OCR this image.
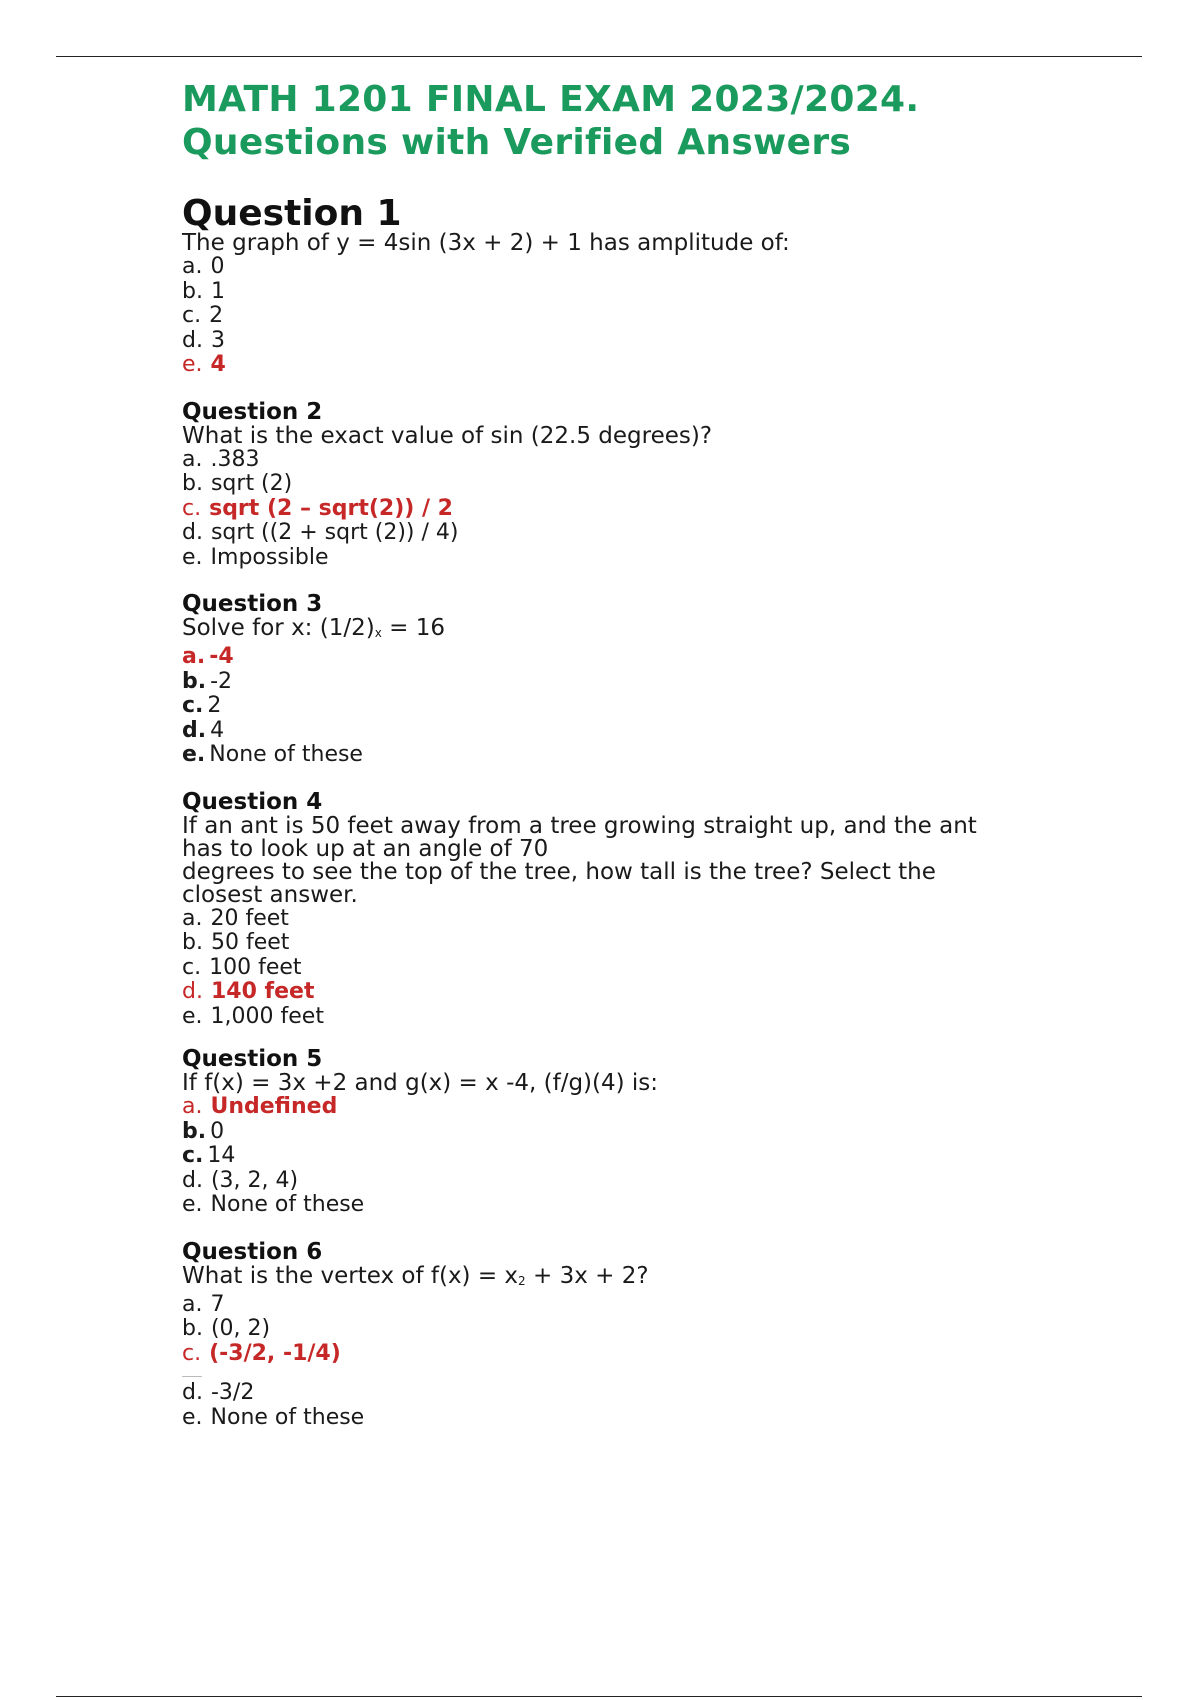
MATH 1201 FINAL EXAM 2023/2024.
Questions with Verified Answers
Question 1
The graph of y = 4sin (3x + 2) + 1 has amplitude of:
a. 0
b. 1
c. 2
d. 3
e. 4
Question 2
What is the exact value of sin (22.5 degrees)?
a. .383
b. sqrt (2)
c. sqrt (2 – sqrt(2)) / 2
d. sqrt ((2 + sqrt (2)) / 4)
e. Impossible
Question 3
Solve for x: (1/2)x = 16
a. -4
b. -2
c. 2
d. 4
e. None of these
Question 4
If an ant is 50 feet away from a tree growing straight up, and the ant
has to look up at an angle of 70
degrees to see the top of the tree, how tall is the tree? Select the
closest answer.
a. 20 feet
b. 50 feet
c. 100 feet
d. 140 feet
e. 1,000 feet
Question 5
If f(x) = 3x +2 and g(x) = x -4, (f/g)(4) is:
a. Undefined
b. 0
c. 14
d. (3, 2, 4)
e. None of these
Question 6
What is the vertex of f(x) = x2 + 3x + 2?
a. 7
b. (0, 2)
c. (-3/2, -1/4)
d. -3/2
e. None of these
